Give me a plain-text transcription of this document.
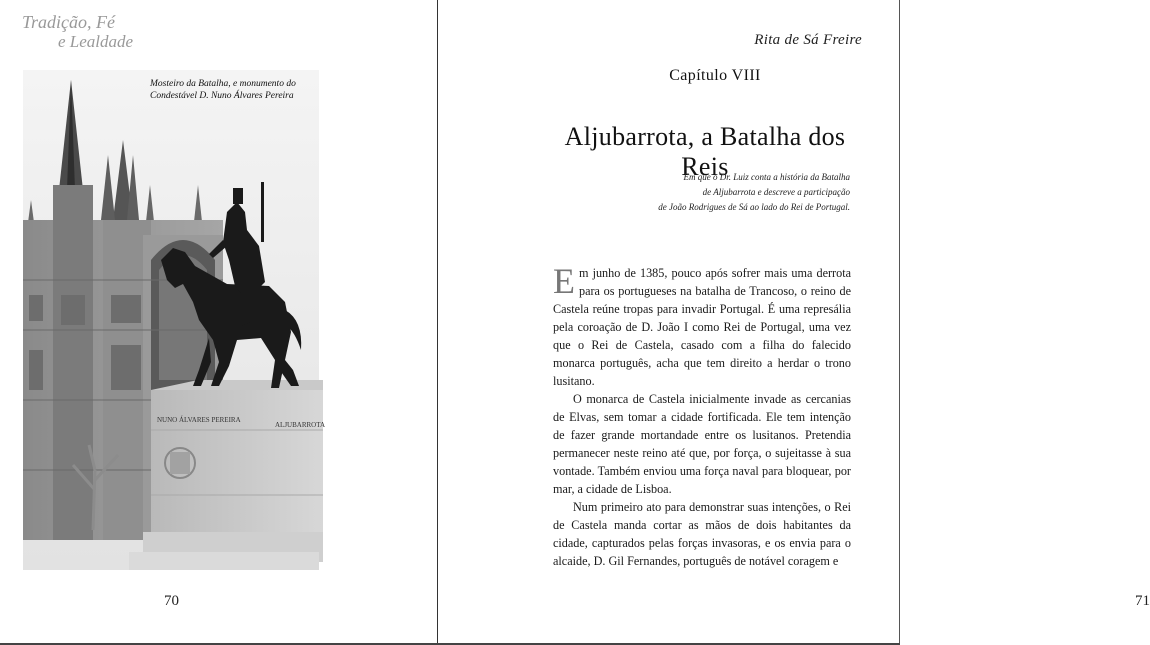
Tradição, Fé
e Lealdade
NUNO ÁLVARES PEREIRA
ALJUBARROTA
Mosteiro da Batalha, e monumento do
Condestável D. Nuno Álvares Pereira
70
Rita de Sá Freire
71
Capítulo VIII
Aljubarrota, a Batalha dos Reis
Em que o Dr. Luiz conta a história da Batalha
de Aljubarrota e descreve a participação
de João Rodrigues de Sá ao lado do Rei de Portugal.

Em junho de 1385, pouco após sofrer mais uma derrota para os portugueses na batalha de Trancoso, o reino de Castela reúne tropas para invadir Portugal. É uma represália pela coroação de D. João I como Rei de Portugal, uma vez que o Rei de Castela, casado com a filha do falecido monarca português, acha que tem direito a herdar o trono lusitano.

O monarca de Castela inicialmente invade as cercanias de Elvas, sem tomar a cidade fortificada. Ele tem intenção de fazer grande mortandade entre os lusitanos. Pretendia permanecer neste reino até que, por força, o sujeitasse à sua vontade. Também enviou uma força naval para bloquear, por mar, a cidade de Lisboa.

Num primeiro ato para demonstrar suas intenções, o Rei de Castela manda cortar as mãos de dois habitantes da cidade, capturados pelas forças invasoras, e os envia para o alcaide, D. Gil Fernandes, português de notável coragem e
